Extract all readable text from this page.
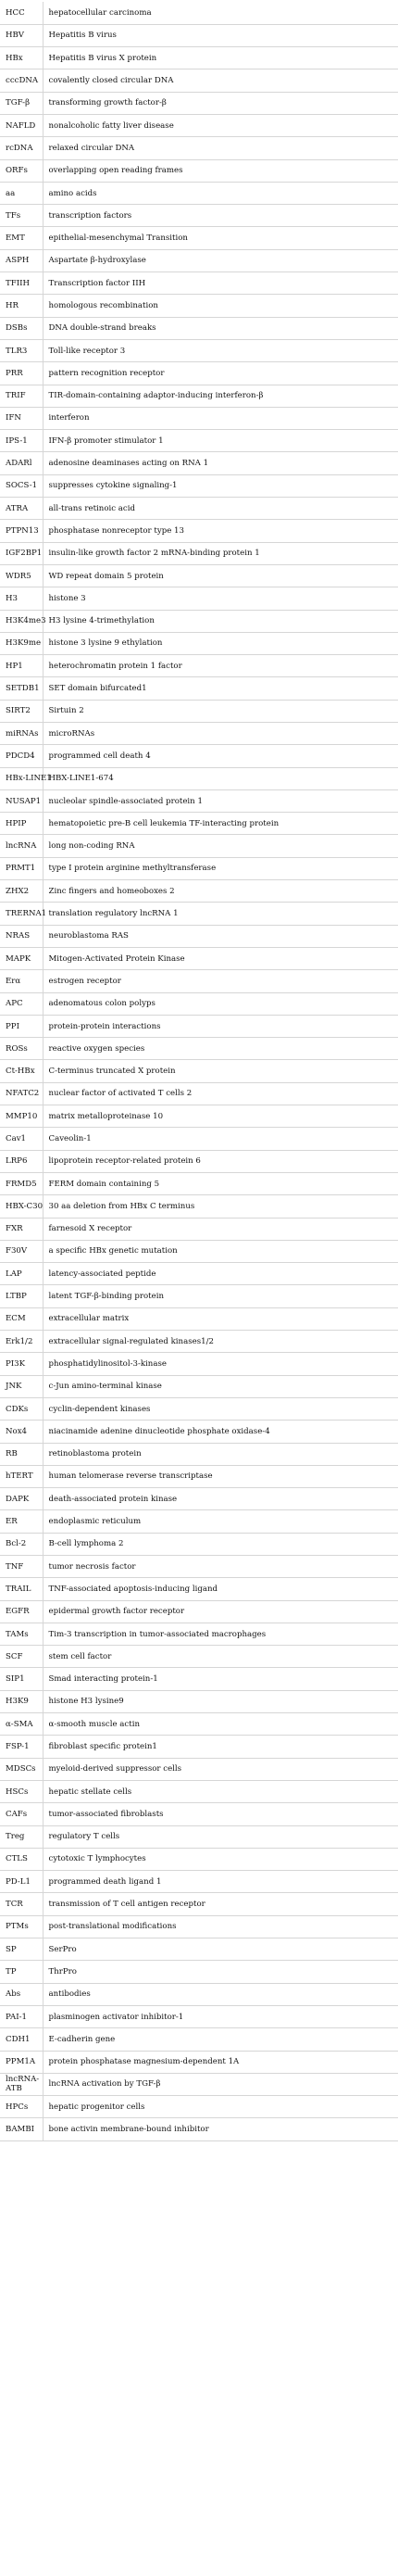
HCC	hepatocellular carcinoma
HBV	Hepatitis B virus
HBx	Hepatitis B virus X protein
cccDNA	covalently closed circular DNA
TGF-β	transforming growth factor-β
NAFLD	nonalcoholic fatty liver disease
rcDNA	relaxed circular DNA
ORFs	overlapping open reading frames
aa	amino acids
TFs	transcription factors
EMT	epithelial-mesenchymal Transition
ASPH	Aspartate β-hydroxylase
TFIIH	Transcription factor IIH
HR	homologous recombination
DSBs	DNA double-strand breaks
TLR3	Toll-like receptor 3
PRR	pattern recognition receptor
TRIF	TIR-domain-containing adaptor-inducing interferon-β
IFN	interferon
IPS-1	IFN-β promoter stimulator 1
ADARl	adenosine deaminases acting on RNA 1
SOCS-1	suppresses cytokine signaling-1
ATRA	all-trans retinoic acid
PTPN13	phosphatase nonreceptor type 13
IGF2BP1	insulin-like growth factor 2 mRNA-binding protein 1
WDR5	WD repeat domain 5 protein
H3	histone 3
H3K4me3	H3 lysine 4-trimethylation
H3K9me	histone 3 lysine 9 ethylation
HP1	heterochromatin protein 1 factor
SETDB1	SET domain bifurcated1
SIRT2	Sirtuin 2
miRNAs	microRNAs
PDCD4	programmed cell death 4
HBx-LINE1	HBX-LINE1-674
NUSAP1	nucleolar spindle-associated protein 1
HPIP	hematopoietic pre-B cell leukemia TF-interacting protein
lncRNA	long non-coding RNA
PRMT1	type I protein arginine methyltransferase
ZHX2	Zinc fingers and homeoboxes 2
TRERNA1	translation regulatory lncRNA 1
NRAS	neuroblastoma RAS
MAPK	Mitogen-Activated Protein Kinase
Erα	estrogen receptor
APC	adenomatous colon polyps
PPI	protein-protein interactions
ROSs	reactive oxygen species
Ct-HBx	C-terminus truncated X protein
NFATC2	nuclear factor of activated T cells 2
MMP10	matrix metalloproteinase 10
Cav1	Caveolin-1
LRP6	lipoprotein receptor-related protein 6
FRMD5	FERM domain containing 5
HBX-C30	30 aa deletion from HBx C terminus
FXR	farnesoid X receptor
F30V	a specific HBx genetic mutation
LAP	latency-associated peptide
LTBP	latent TGF-β-binding protein
ECM	extracellular matrix
Erk1/2	extracellular signal-regulated kinases1/2
PI3K	phosphatidylinositol-3-kinase
JNK	c-Jun amino-terminal kinase
CDKs	cyclin-dependent kinases
Nox4	niacinamide adenine dinucleotide phosphate oxidase-4
RB	retinoblastoma protein
hTERT	human telomerase reverse transcriptase
DAPK	death-associated protein kinase
ER	endoplasmic reticulum
Bcl-2	B-cell lymphoma 2
TNF	tumor necrosis factor
TRAIL	TNF-associated apoptosis-inducing ligand
EGFR	epidermal growth factor receptor
TAMs	Tim-3 transcription in tumor-associated macrophages
SCF	stem cell factor
SIP1	Smad interacting protein-1
H3K9	histone H3 lysine9
α-SMA	α-smooth muscle actin
FSP-1	fibroblast specific protein1
MDSCs	myeloid-derived suppressor cells
HSCs	hepatic stellate cells
CAFs	tumor-associated fibroblasts
Treg	regulatory T cells
CTLS	cytotoxic T lymphocytes
PD-L1	programmed death ligand 1
TCR	transmission of T cell antigen receptor
PTMs	post-translational modifications
SP	SerPro
TP	ThrPro
Abs	antibodies
PAI-1	plasminogen activator inhibitor-1
CDH1	E-cadherin gene
PPM1A	protein phosphatase magnesium-dependent 1A
lncRNA-ATB	lncRNA activation by TGF-β
HPCs	hepatic progenitor cells
BAMBI	bone activin membrane-bound inhibitor
